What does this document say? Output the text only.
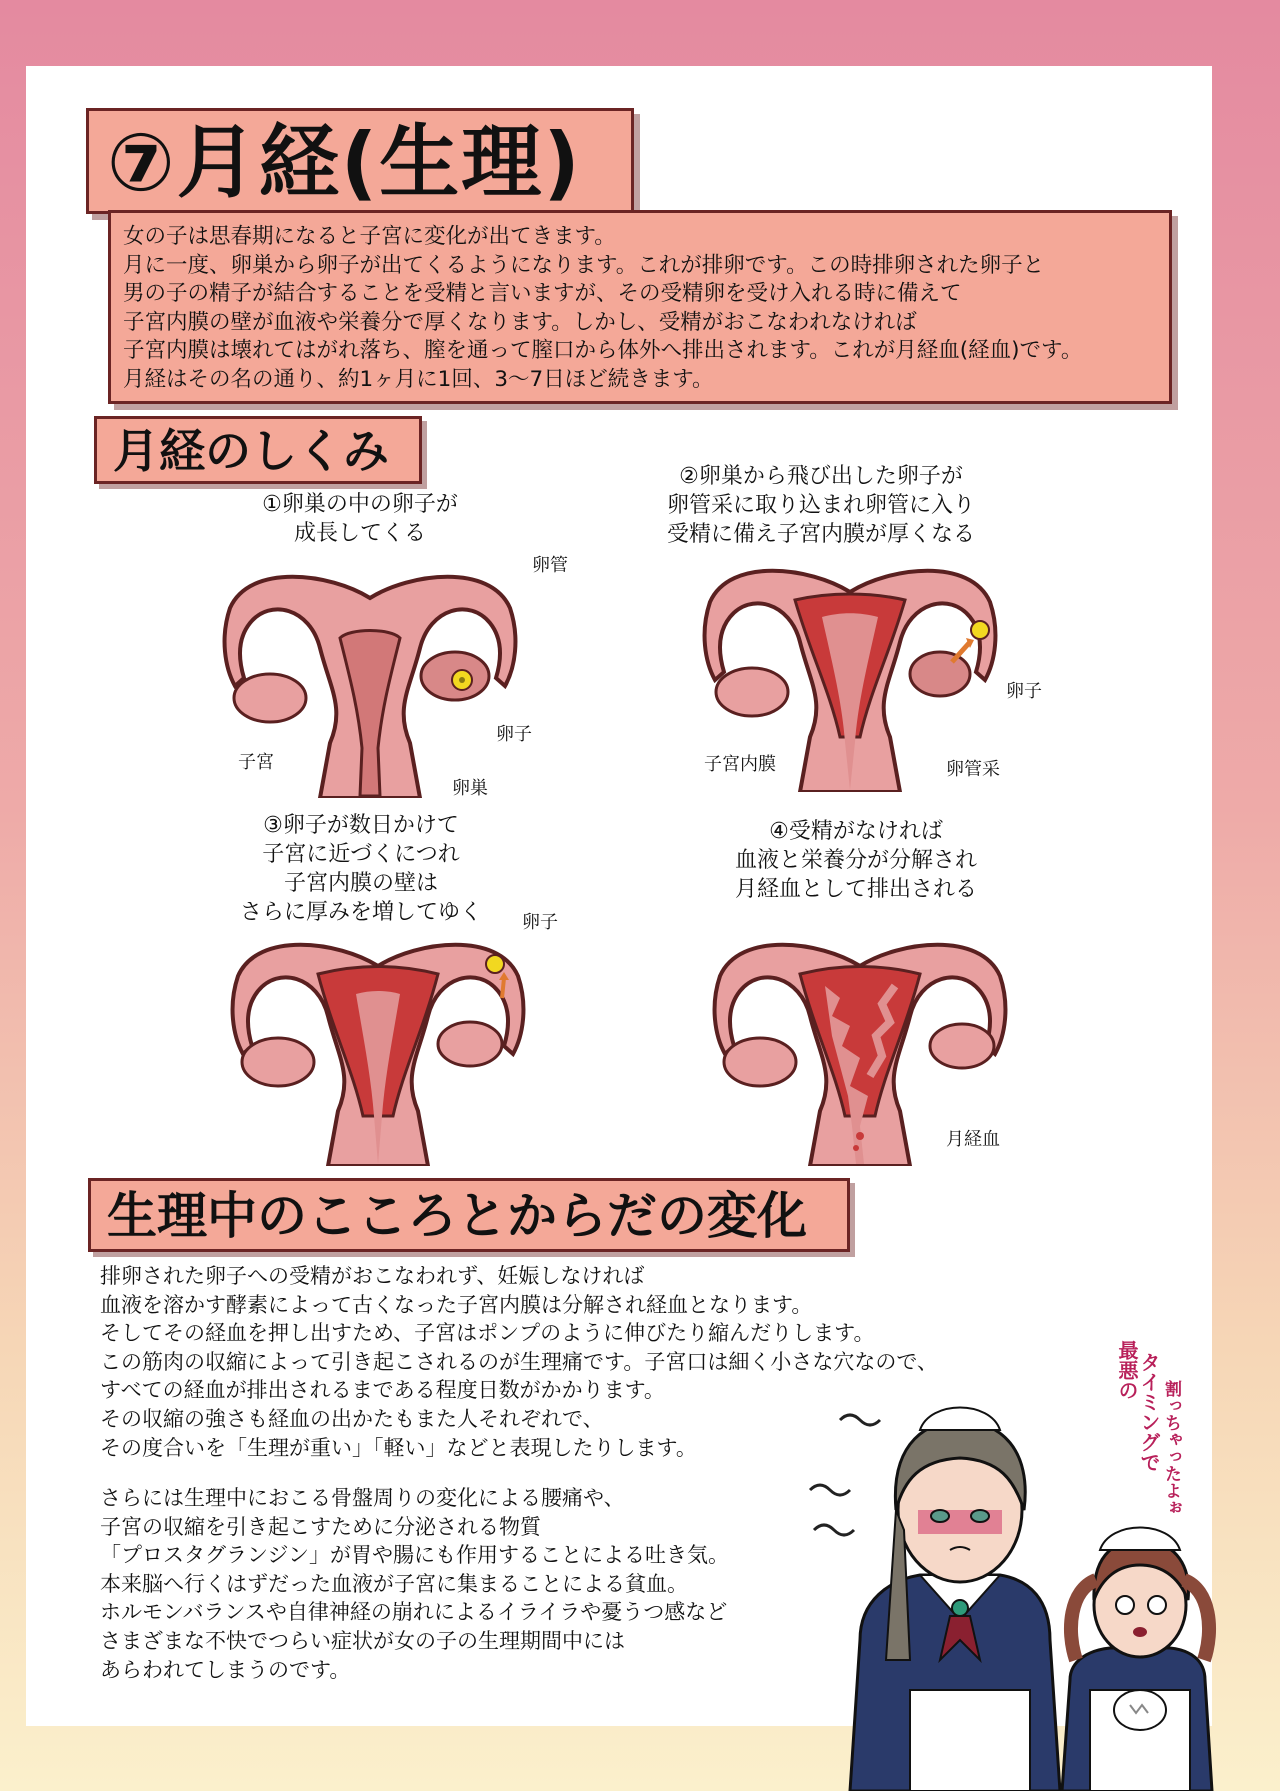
⑦月経(生理)

女の子は思春期になると子宮に変化が出てきます。
月に一度、卵巣から卵子が出てくるようになります。これが排卵です。この時排卵された卵子と
男の子の精子が結合することを受精と言いますが、その受精卵を受け入れる時に備えて
子宮内膜の壁が血液や栄養分で厚くなります。しかし、受精がおこなわれなければ
子宮内膜は壊れてはがれ落ち、膣を通って膣口から体外へ排出されます。これが月経血(経血)です。
月経はその名の通り、約1ヶ月に1回、3～7日ほど続きます。

月経のしくみ
①卵巣の中の卵子が
成長してくる
卵管
卵子
子宮
卵巣
②卵巣から飛び出した卵子が
卵管采に取り込まれ卵管に入り
受精に備え子宮内膜が厚くなる
卵子
子宮内膜	卵管采
③卵子が数日かけて
子宮に近づくにつれ
子宮内膜の壁は
さらに厚みを増してゆく	卵子
④受精がなければ
血液と栄養分が分解され
月経血として排出される
月経血
生理中のこころとからだの変化

排卵された卵子への受精がおこなわれず、妊娠しなければ
血液を溶かす酵素によって古くなった子宮内膜は分解され経血となります。
そしてその経血を押し出すため、子宮はポンプのように伸びたり縮んだりします。
この筋肉の収縮によって引き起こされるのが生理痛です。子宮口は細く小さな穴なので、
すべての経血が排出されるまである程度日数がかかります。
その収縮の強さも経血の出かたもまた人それぞれで、
その度合いを「生理が重い」「軽い」などと表現したりします。

さらには生理中におこる骨盤周りの変化による腰痛や、
子宮の収縮を引き起こすために分泌される物質
「プロスタグランジン」が胃や腸にも作用することによる吐き気。
本来脳へ行くはずだった血液が子宮に集まることによる貧血。
ホルモンバランスや自律神経の崩れによるイライラや憂うつ感など
さまざまな不快でつらい症状が女の子の生理期間中には
あらわれてしまうのです。

最悪の
タイミングで 割っちゃったよぉ
